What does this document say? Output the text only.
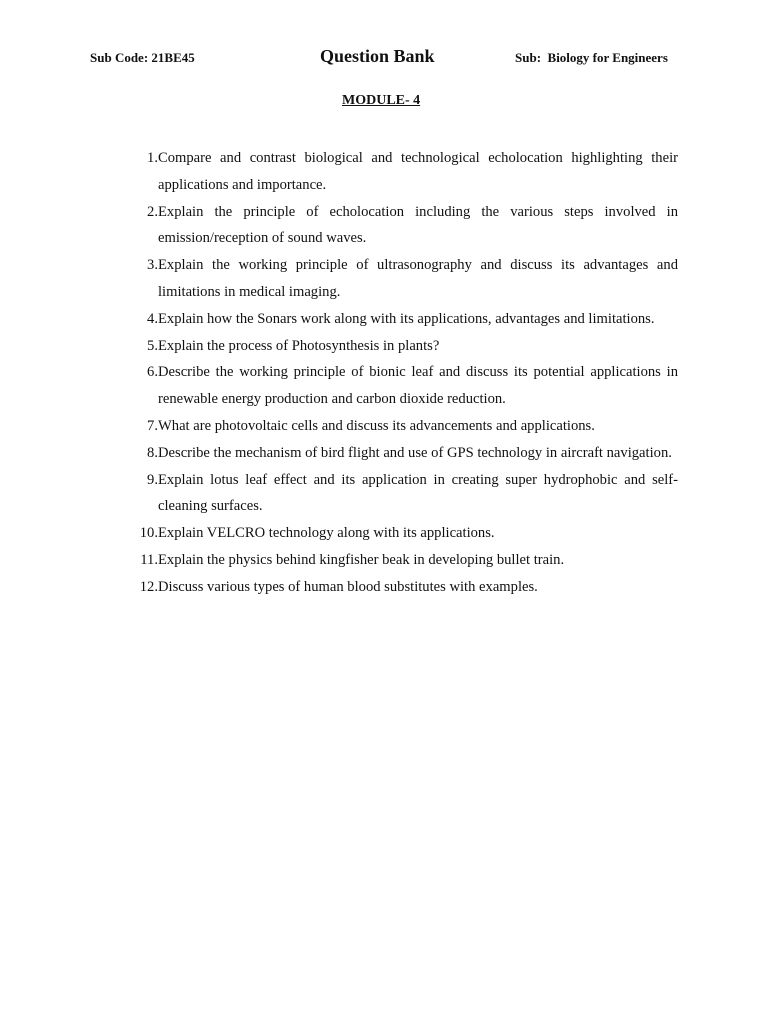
Sub Code: 21BE45	Question Bank	Sub:  Biology for Engineers
MODULE- 4
1. Compare and contrast biological and technological echolocation highlighting their applications and importance.
2. Explain the principle of echolocation including the various steps involved in emission/reception of sound waves.
3. Explain the working principle of ultrasonography and discuss its advantages and limitations in medical imaging.
4. Explain how the Sonars work along with its applications, advantages and limitations.
5. Explain the process of Photosynthesis in plants?
6. Describe the working principle of bionic leaf and discuss its potential applications in renewable energy production and carbon dioxide reduction.
7. What are photovoltaic cells and discuss its advancements and applications.
8. Describe the mechanism of bird flight and use of GPS technology in aircraft navigation.
9. Explain lotus leaf effect and its application in creating super hydrophobic and self-cleaning surfaces.
10. Explain VELCRO technology along with its applications.
11. Explain the physics behind kingfisher beak in developing bullet train.
12. Discuss various types of human blood substitutes with examples.
